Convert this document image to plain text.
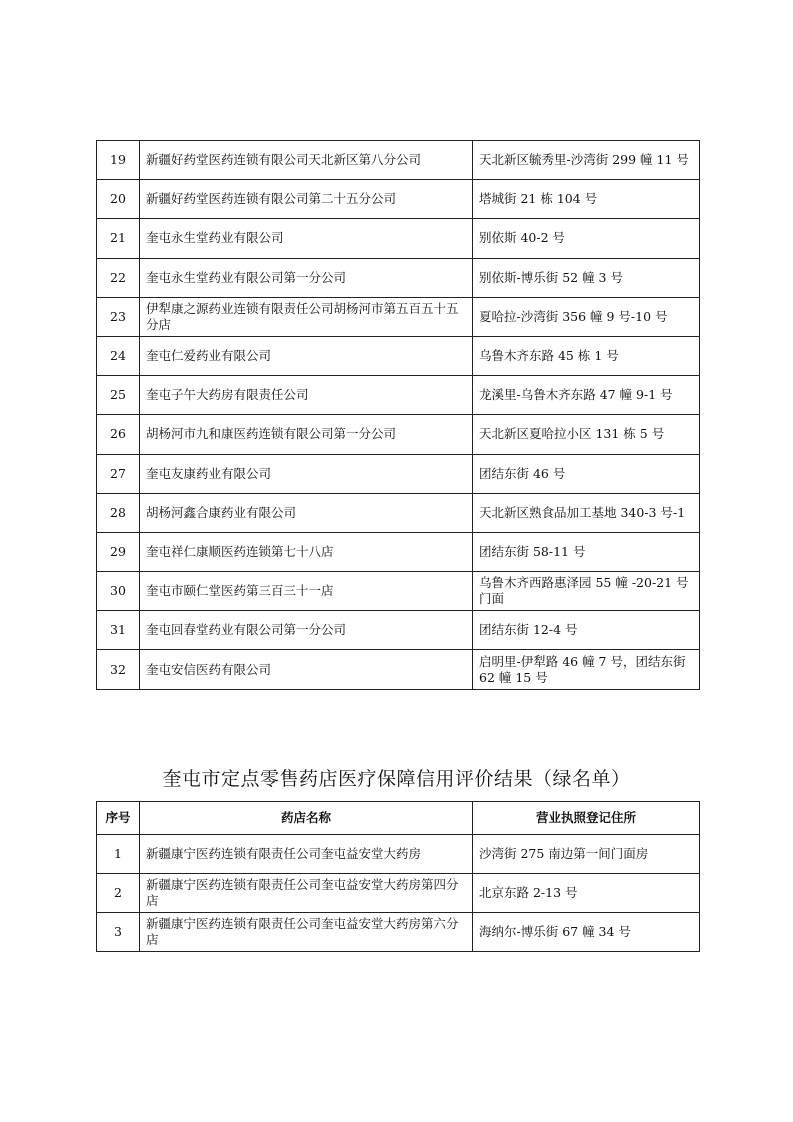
19	新疆好药堂医药连锁有限公司天北新区第八分公司	天北新区毓秀里-沙湾街 299 幢 11 号
20	新疆好药堂医药连锁有限公司第二十五分公司	塔城街 21 栋 104 号
21	奎屯永生堂药业有限公司	别依斯 40-2 号
22	奎屯永生堂药业有限公司第一分公司	别依斯-博乐街 52 幢 3 号
23	伊犁康之源药业连锁有限责任公司胡杨河市第五百五十五分店	夏哈拉-沙湾街 356 幢 9 号-10 号
24	奎屯仁爱药业有限公司	乌鲁木齐东路 45 栋 1 号
25	奎屯子午大药房有限责任公司	龙溪里-乌鲁木齐东路 47 幢 9-1 号
26	胡杨河市九和康医药连锁有限公司第一分公司	天北新区夏哈拉小区 131 栋 5 号
27	奎屯友康药业有限公司	团结东街 46 号
28	胡杨河鑫合康药业有限公司	天北新区熟食品加工基地 340-3 号-1
29	奎屯祥仁康顺医药连锁第七十八店	团结东街 58-11 号
30	奎屯市颐仁堂医药第三百三十一店	乌鲁木齐西路惠泽园 55 幢 -20-21 号门面
31	奎屯回春堂药业有限公司第一分公司	团结东街 12-4 号
32	奎屯安信医药有限公司	启明里-伊犁路 46 幢 7 号，团结东街 62 幢 15 号
奎屯市定点零售药店医疗保障信用评价结果（绿名单）
序号	药店名称	营业执照登记住所
1	新疆康宁医药连锁有限责任公司奎屯益安堂大药房	沙湾街 275 南边第一间门面房
2	新疆康宁医药连锁有限责任公司奎屯益安堂大药房第四分店	北京东路 2-13 号
3	新疆康宁医药连锁有限责任公司奎屯益安堂大药房第六分店	海纳尔-博乐街 67 幢 34 号
